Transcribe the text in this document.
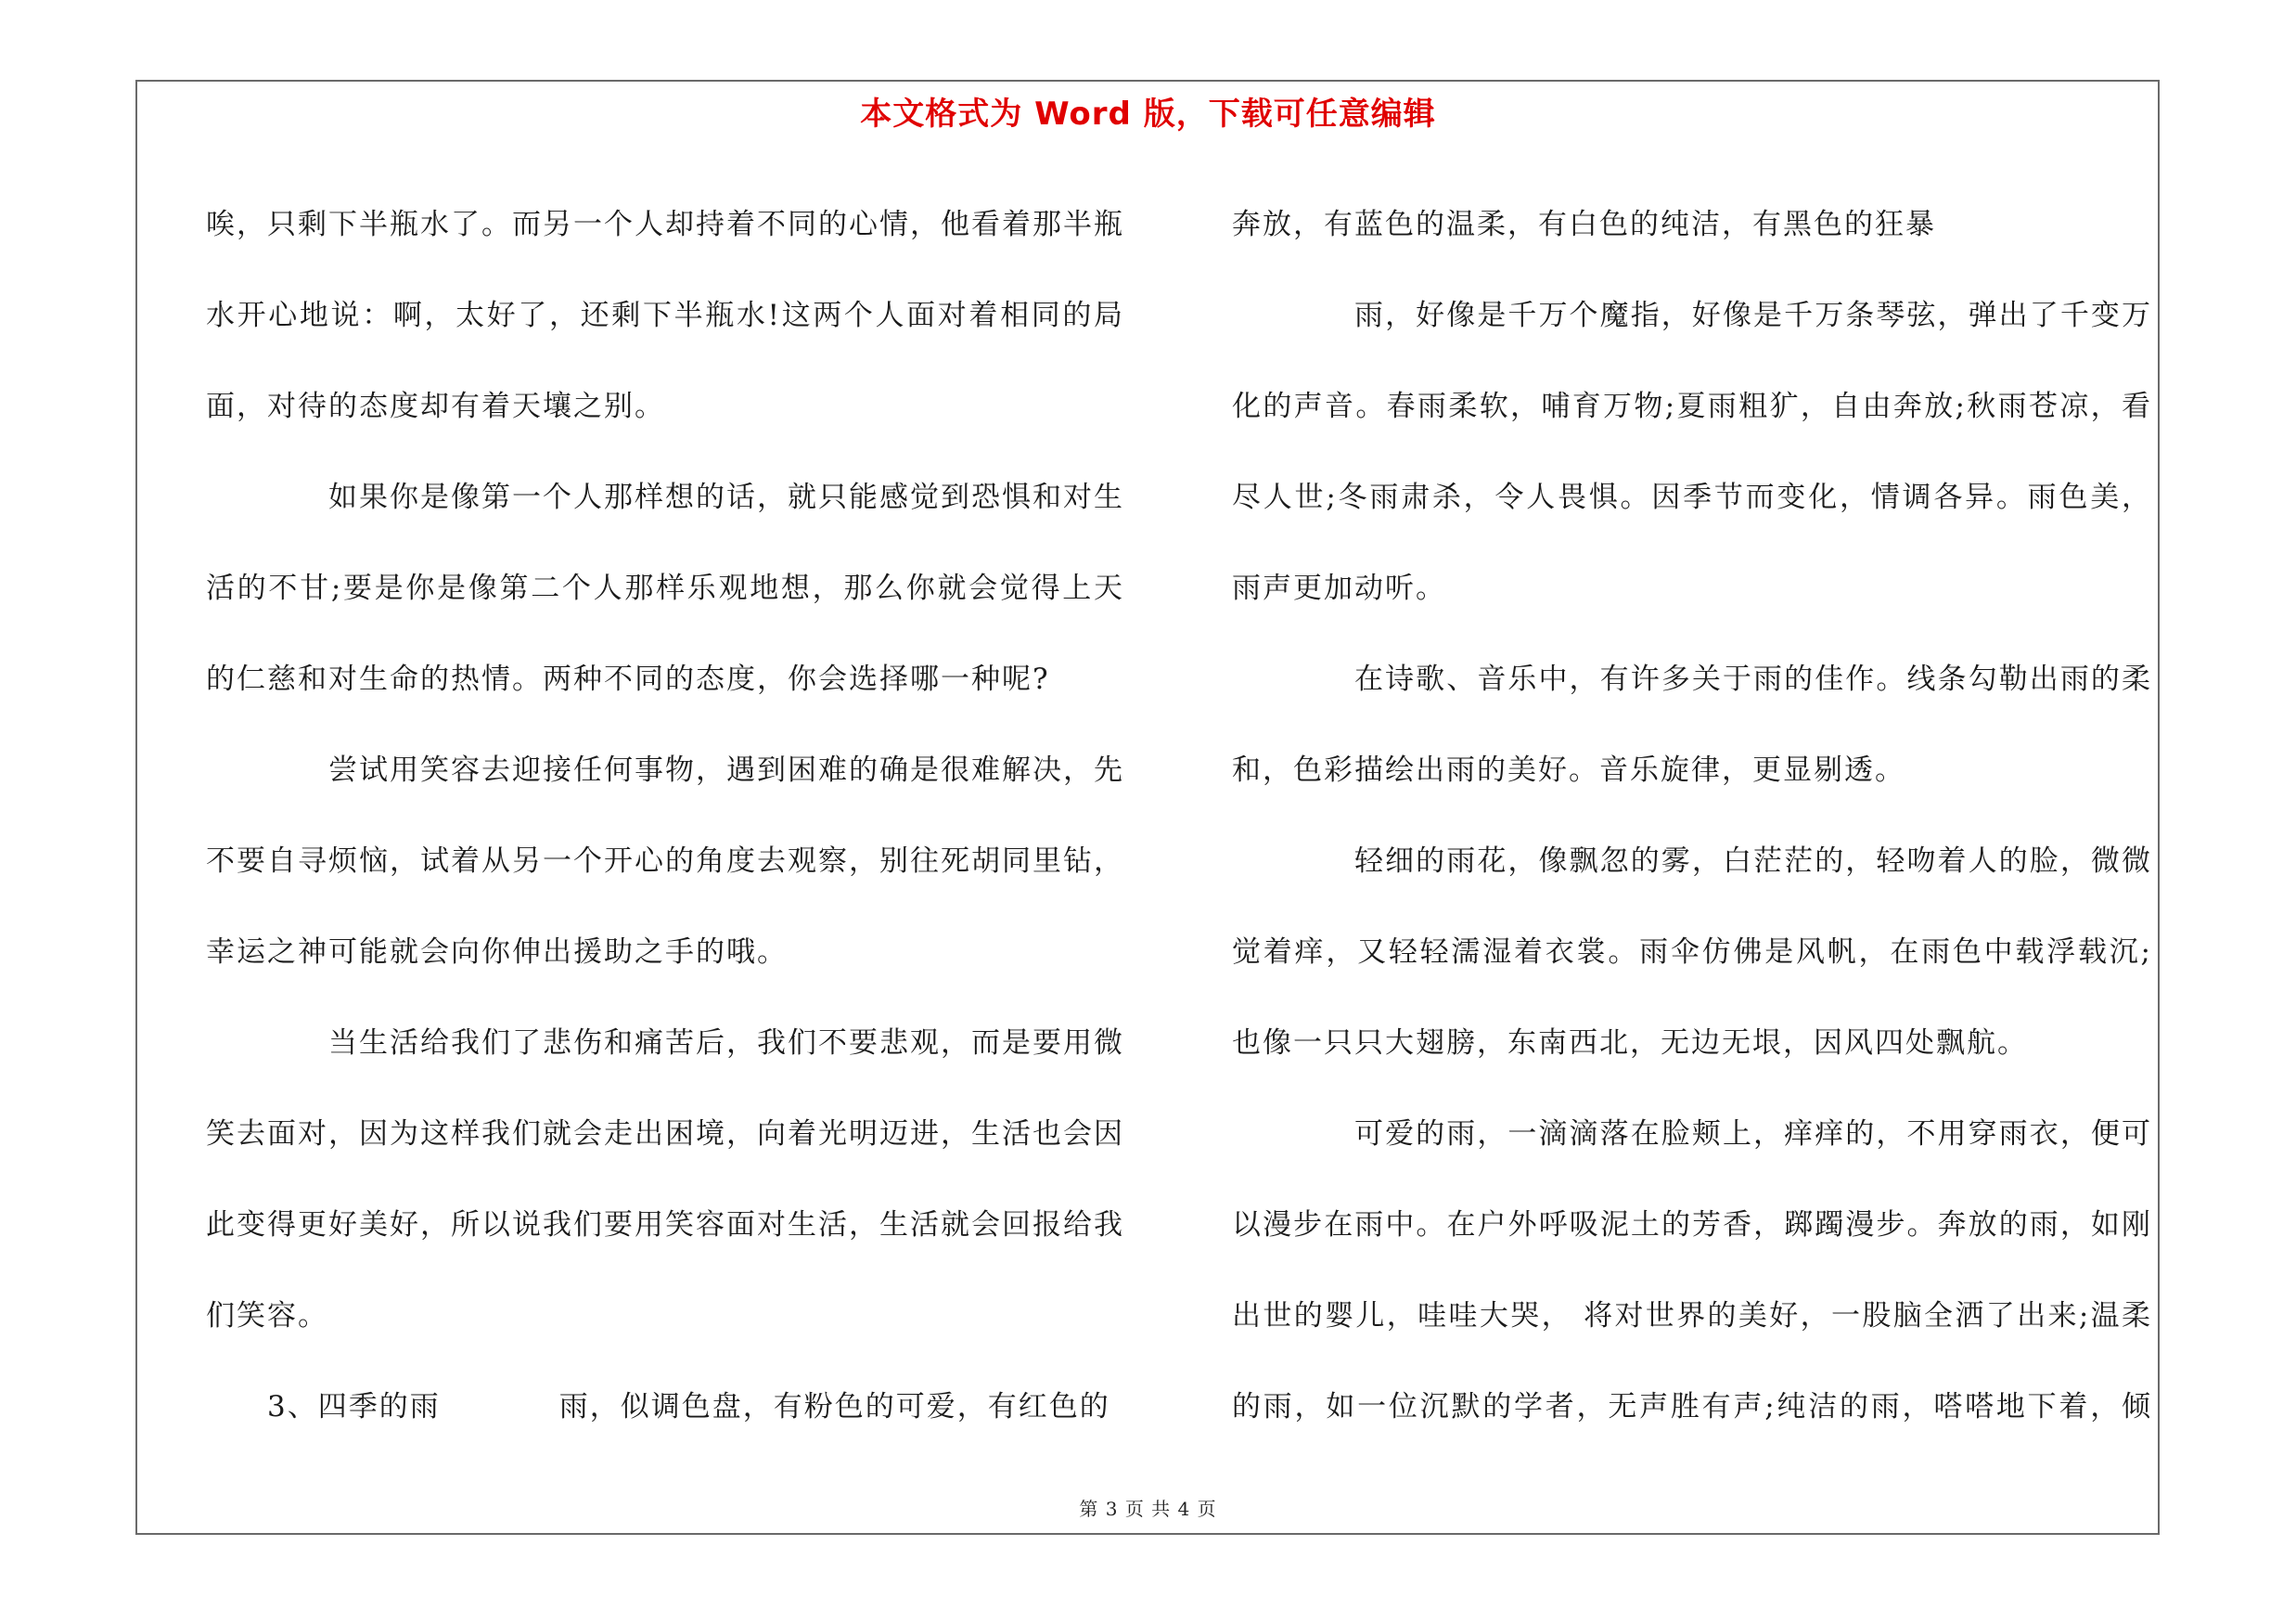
本文格式为 Word 版，下载可任意编辑
唉，只剩下半瓶水了。而另一个人却持着不同的心情，他看着那半瓶
水开心地说：啊，太好了，还剩下半瓶水!这两个人面对着相同的局
面，对待的态度却有着天壤之别。
如果你是像第一个人那样想的话，就只能感觉到恐惧和对生
活的不甘;要是你是像第二个人那样乐观地想，那么你就会觉得上天
的仁慈和对生命的热情。两种不同的态度，你会选择哪一种呢?
尝试用笑容去迎接任何事物，遇到困难的确是很难解决，先
不要自寻烦恼，试着从另一个开心的角度去观察，别往死胡同里钻，
幸运之神可能就会向你伸出援助之手的哦。
当生活给我们了悲伤和痛苦后，我们不要悲观，而是要用微
笑去面对，因为这样我们就会走出困境，向着光明迈进，生活也会因
此变得更好美好，所以说我们要用笑容面对生活，生活就会回报给我
们笑容。
3、四季的雨	雨，似调色盘，有粉色的可爱，有红色的
奔放，有蓝色的温柔，有白色的纯洁，有黑色的狂暴
雨，好像是千万个魔指，好像是千万条琴弦，弹出了千变万
化的声音。春雨柔软，哺育万物;夏雨粗犷，自由奔放;秋雨苍凉，看
尽人世;冬雨肃杀，令人畏惧。因季节而变化，情调各异。雨色美，
雨声更加动听。
在诗歌、音乐中，有许多关于雨的佳作。线条勾勒出雨的柔
和，色彩描绘出雨的美好。音乐旋律，更显剔透。
轻细的雨花，像飘忽的雾，白茫茫的，轻吻着人的脸，微微
觉着痒，又轻轻濡湿着衣裳。雨伞仿佛是风帆，在雨色中载浮载沉;
也像一只只大翅膀，东南西北，无边无垠，因风四处飘航。
可爱的雨，一滴滴落在脸颊上，痒痒的，不用穿雨衣，便可
以漫步在雨中。在户外呼吸泥土的芳香，踯躅漫步。奔放的雨，如刚
出世的婴儿，哇哇大哭， 将对世界的美好，一股脑全洒了出来;温柔
的雨，如一位沉默的学者，无声胜有声;纯洁的雨，嗒嗒地下着，倾
第 3 页 共 4 页
